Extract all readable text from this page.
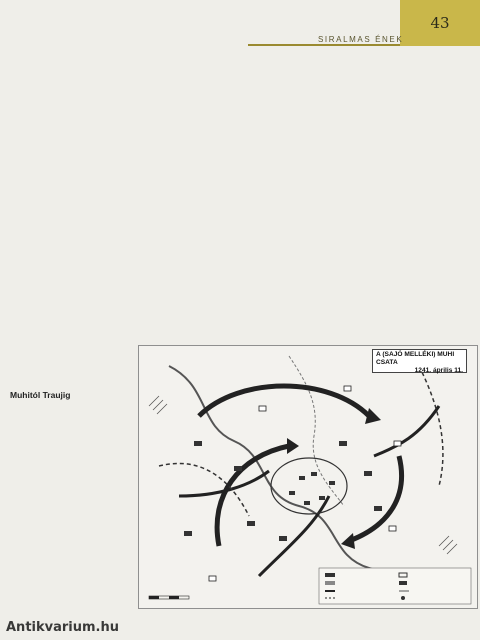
43
SIRALMAS ÉNEK

Muhitól Traujig
A (SAJÓ MELLÉKI) MUHI CSATA
1241. április 11.
Antikvarium.hu
